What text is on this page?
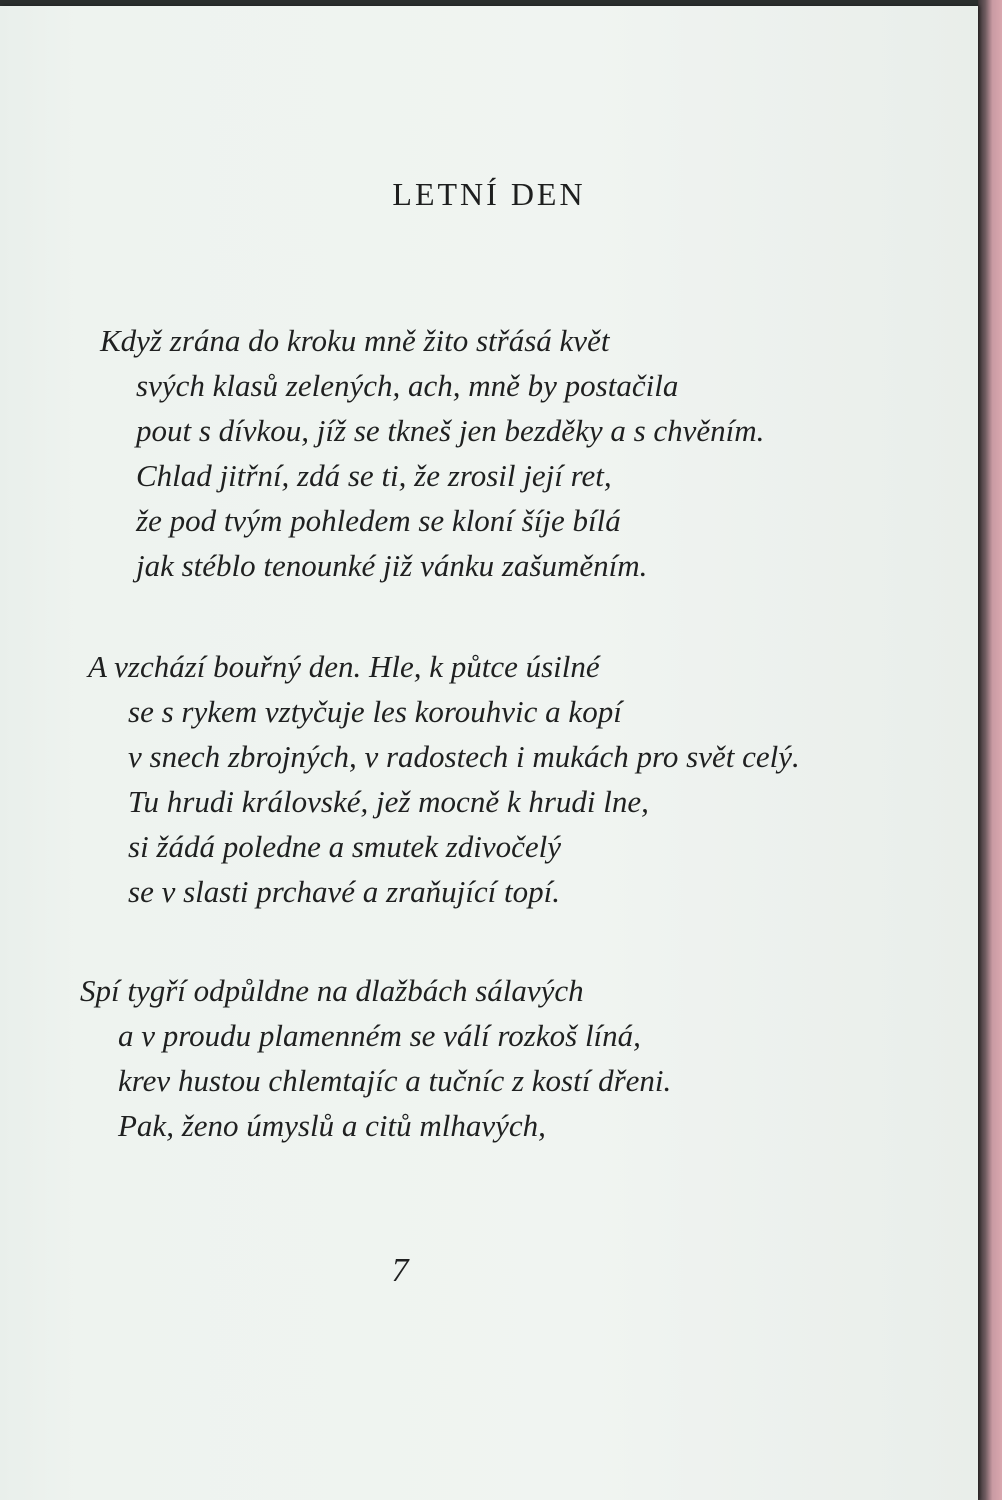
LETNÍ DEN
Když zrána do kroku mně žito střásá květ
svých klasů zelených, ach, mně by postačila
pout s dívkou, jíž se tkneš jen bezděky a s chvěním.
Chlad jitřní, zdá se ti, že zrosil její ret,
že pod tvým pohledem se kloní šíje bílá
jak stéblo tenounké již vánku zašuměním.
A vzchází bouřný den. Hle, k půtce úsilné
se s rykem vztyčuje les korouhvic a kopí
v snech zbrojných, v radostech i mukách pro svět celý.
Tu hrudi královské, jež mocně k hrudi lne,
si žádá poledne a smutek zdivočelý
se v slasti prchavé a zraňující topí.
Spí tygří odpůldne na dlažbách sálavých
a v proudu plamenném se válí rozkoš líná,
krev hustou chlemtajíc a tučníc z kostí dřeni.
Pak, ženo úmyslů a citů mlhavých,
7
